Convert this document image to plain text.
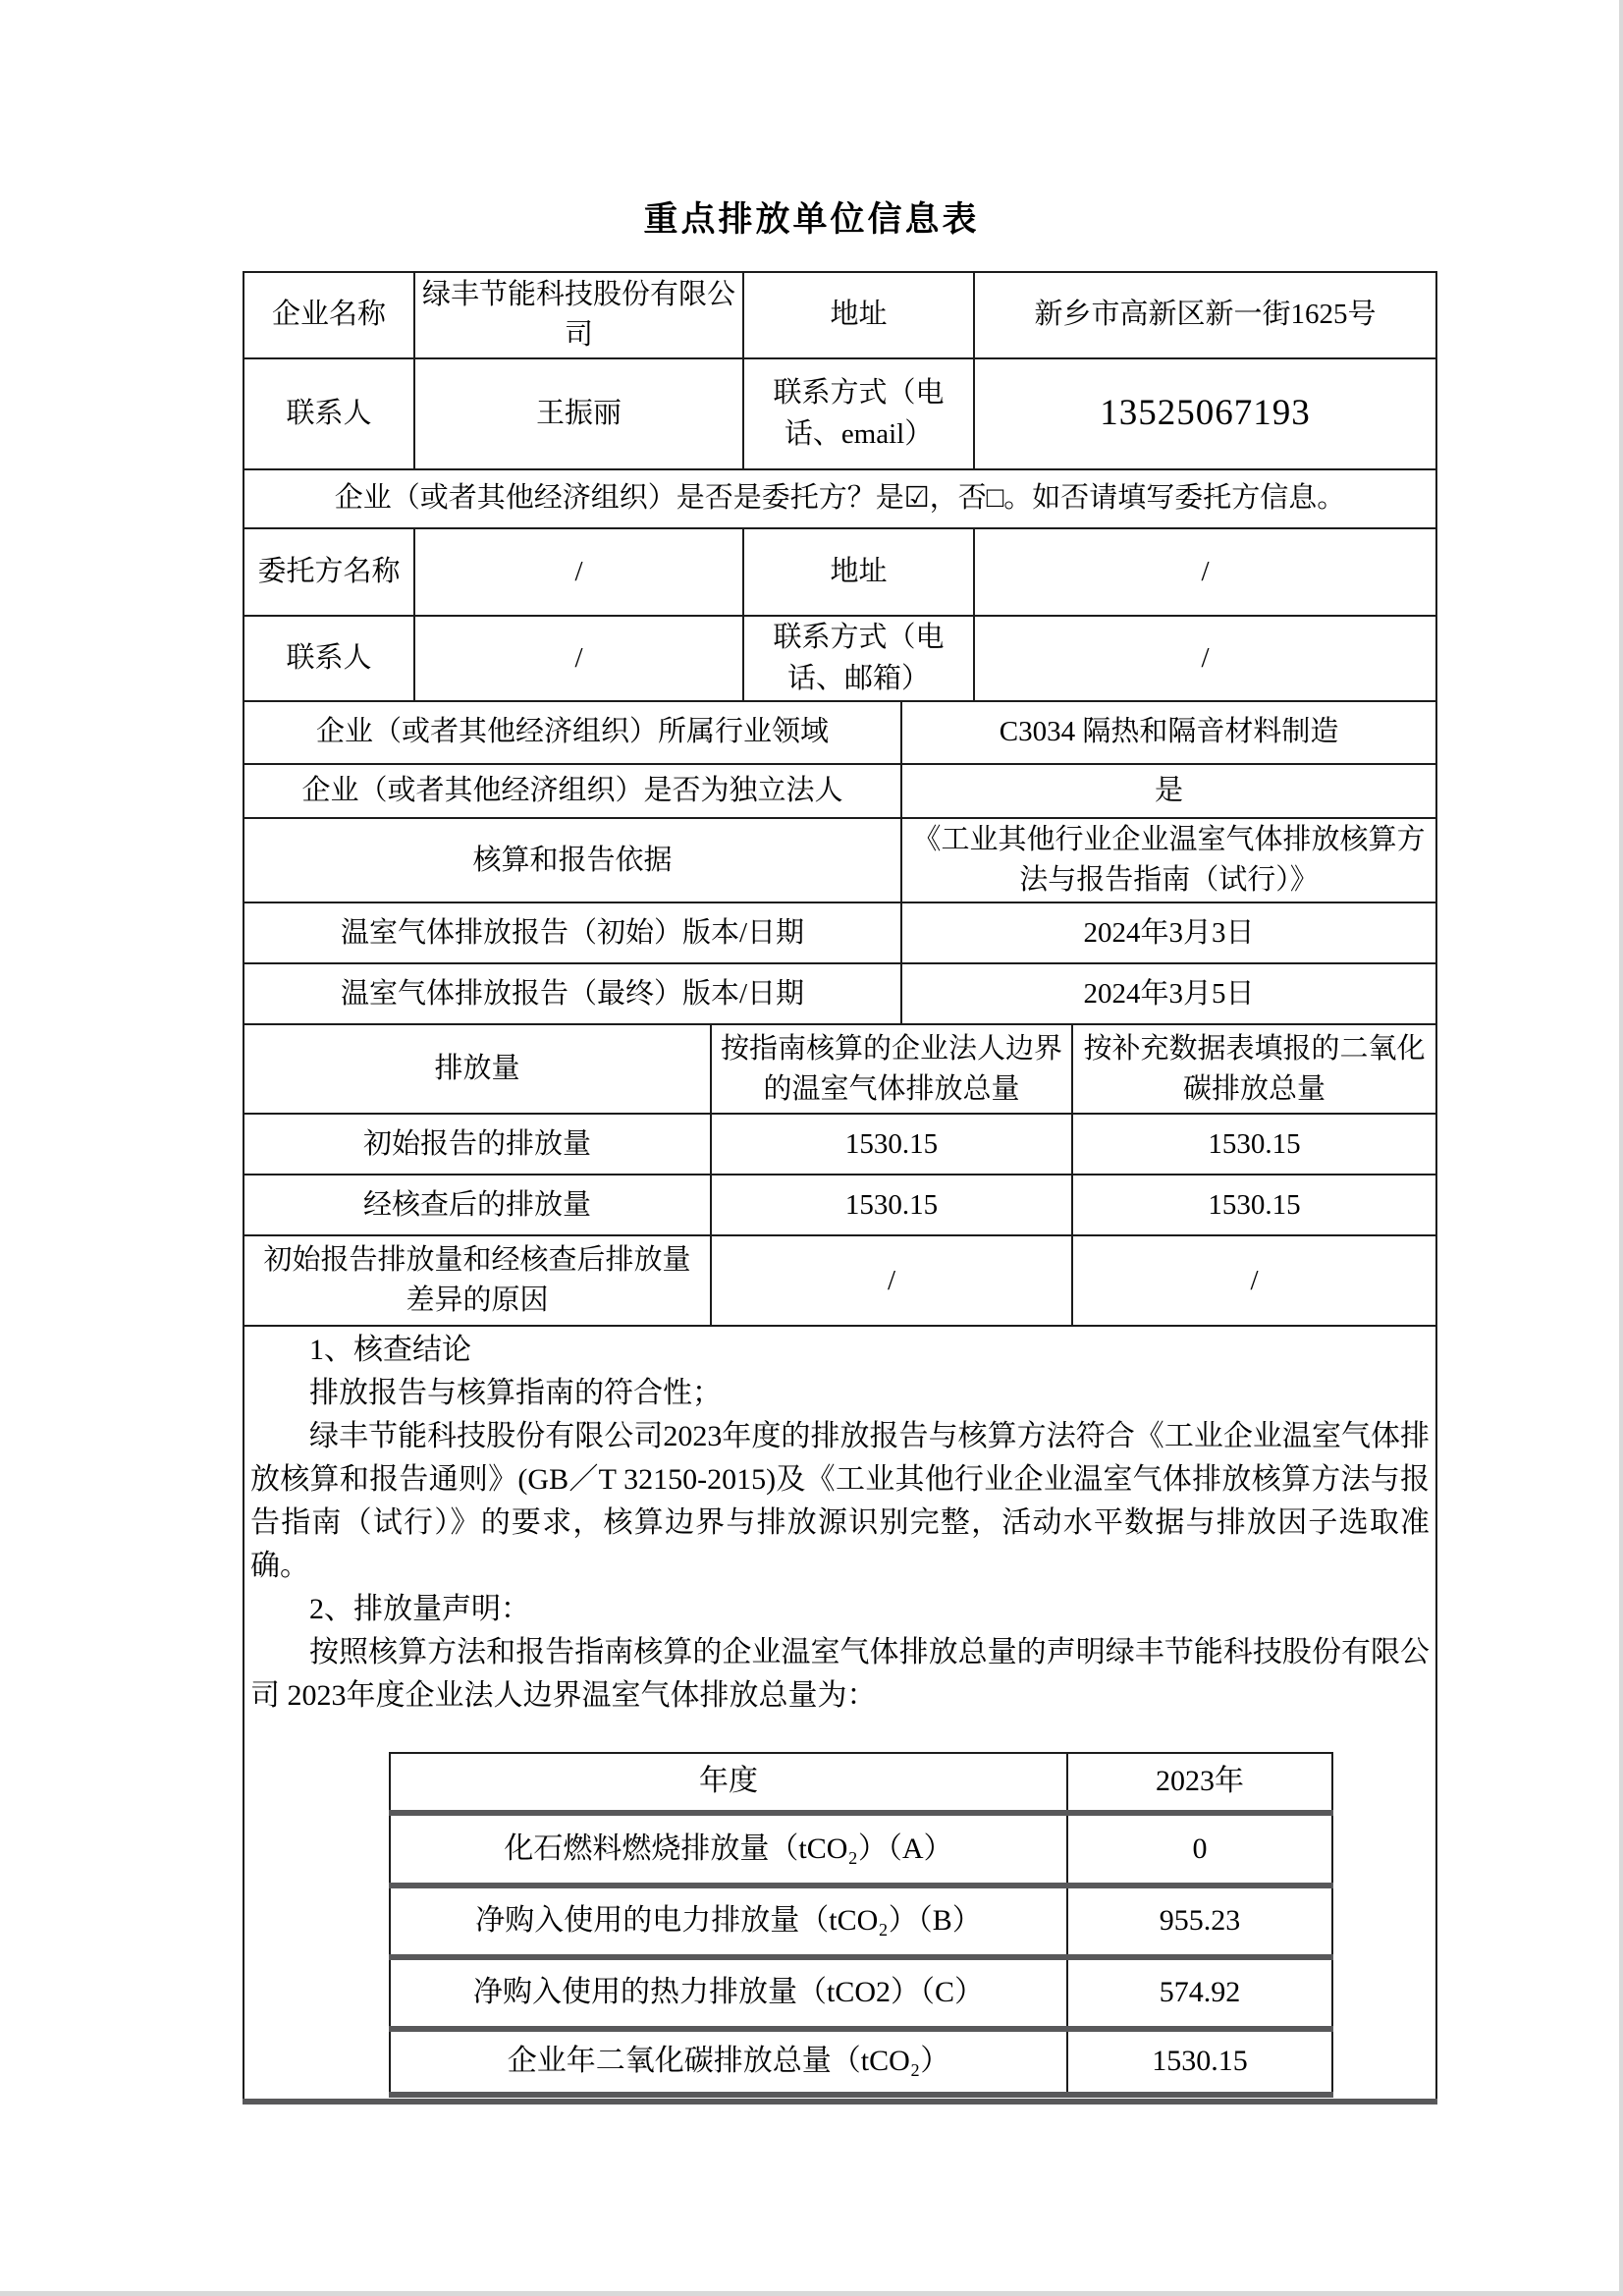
重点排放单位信息表
企业名称	绿丰节能科技股份有限公司	地址	新乡市高新区新一街1625号
联系人	王振丽	联系方式（电话、email）	13525067193
企业（或者其他经济组织）是否是委托方？是☑，否□。如否请填写委托方信息。
委托方名称	/	地址	/
联系人	/	联系方式（电话、邮箱）	/
企业（或者其他经济组织）所属行业领域	C3034 隔热和隔音材料制造
企业（或者其他经济组织）是否为独立法人	是
核算和报告依据	《工业其他行业企业温室气体排放核算方法与报告指南（试行）》
温室气体排放报告（初始）版本/日期	2024年3月3日
温室气体排放报告（最终）版本/日期	2024年3月5日
排放量	按指南核算的企业法人边界的温室气体排放总量	按补充数据表填报的二氧化碳排放总量
初始报告的排放量	1530.15	1530.15
经核查后的排放量	1530.15	1530.15
初始报告排放量和经核查后排放量差异的原因	/	/

1、核查结论

排放报告与核算指南的符合性；

绿丰节能科技股份有限公司2023年度的排放报告与核算方法符合《工业企业温室气体排放核算和报告通则》(GB／T 32150-2015)及《工业其他行业企业温室气体排放核算方法与报告指南（试行）》的要求，核算边界与排放源识别完整，活动水平数据与排放因子选取准确。

2、排放量声明：

按照核算方法和报告指南核算的企业温室气体排放总量的声明绿丰节能科技股份有限公司 2023年度企业法人边界温室气体排放总量为：

年度	2023年
化石燃料燃烧排放量（tCO₂）（A）	0
净购入使用的电力排放量（tCO₂）（B）	955.23
净购入使用的热力排放量（tCO2）（C）	574.92
企业年二氧化碳排放总量（tCO₂）	1530.15
